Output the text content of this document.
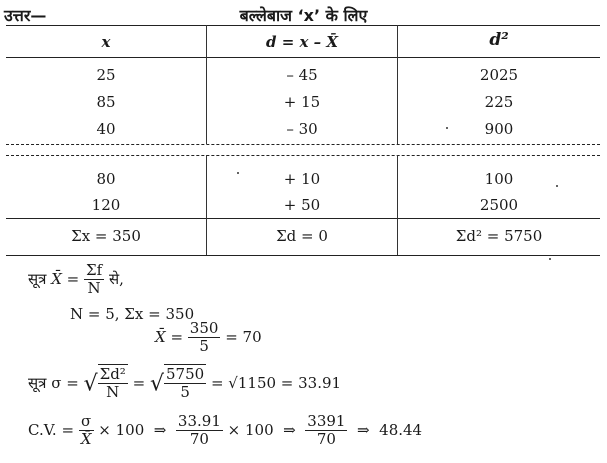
उत्तर—	बल्लेबाज ‘x’ के लिए
x	d = x – X̄	d²
25	– 45	2025
85	+ 15	225
40	– 30	900
80	+ 10	100
120	+ 50	2500
Σx = 350	Σd = 0	Σd² = 5750
सूत्र X̄ = $\frac{\Sigma f}{N}$ से,
N = 5, Σx = 350
X̄ = $\frac{350}{5} = 70$
सूत्र σ = √ $\frac{\text{Σd²}}{N}$ = √ $\frac{5750}{5} = √1150 = 33.91$
C.V. = $\frac{\sigma}{X̄} \times 100$ ⇒ $\frac{33.91}{70} \times 100$ ⇒ $\frac{3391}{70}$ ⇒ 48.44
